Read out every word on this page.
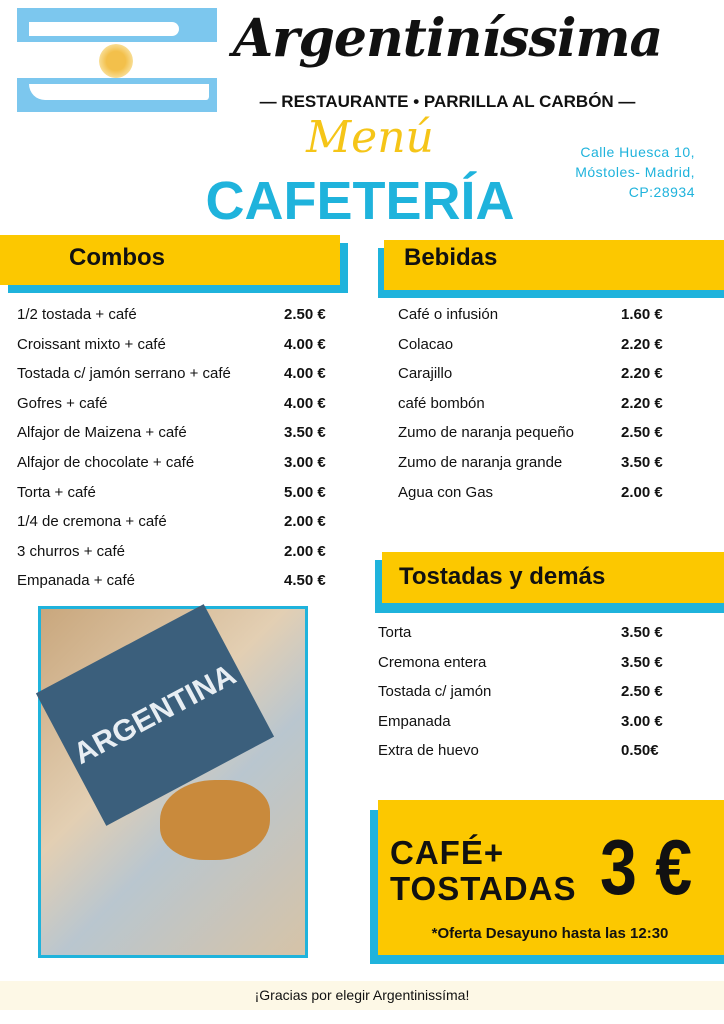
Argentiníssima
— RESTAURANTE • PARRILLA AL CARBÓN —
Menú
CAFETERÍA
Calle Huesca 10,
Móstoles- Madrid,
CP:28934
Combos	Bebidas
Tostadas y demás
1/2 tostada + café	2.50 €
Croissant mixto + café	4.00 €
Tostada c/ jamón serrano + café	4.00 €
Gofres + café	4.00 €
Alfajor de Maizena + café	3.50 €
Alfajor de chocolate + café	3.00 €
Torta + café	5.00 €
1/4 de cremona + café	2.00 €
3 churros + café	2.00 €
Empanada + café	4.50 €
Café o infusión	1.60 €
Colacao	2.20 €
Carajillo	2.20 €
café bombón	2.20 €
Zumo de naranja pequeño	2.50 €
Zumo de naranja grande	3.50 €
Agua con Gas	2.00 €
Torta	3.50 €
Cremona entera	3.50 €
Tostada c/ jamón	2.50 €
Empanada	3.00 €
Extra de huevo	0.50€
ARGENTINA
CAFÉ+
TOSTADAS 3 €
*Oferta Desayuno hasta las 12:30
¡Gracias por elegir Argentinissíma!
